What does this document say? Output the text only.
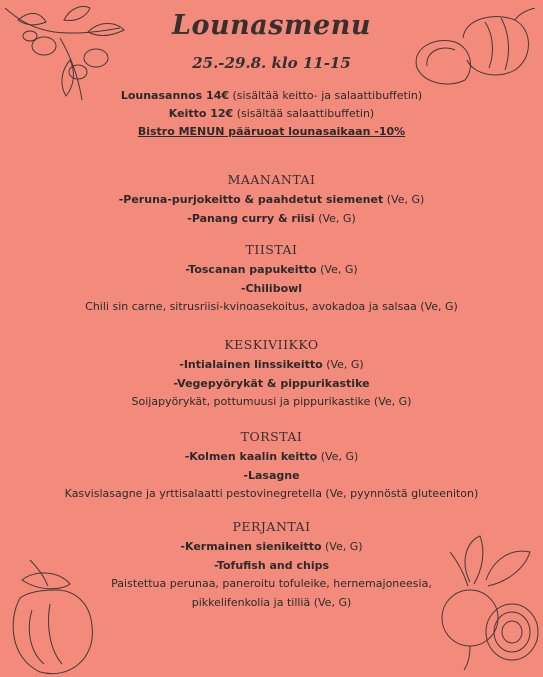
Lounasmenu
25.-29.8. klo 11-15
Lounasannos 14€ (sisältää keitto- ja salaattibuffetin)
Keitto 12€ (sisältää salaattibuffetin)
Bistro MENUN pääruoat lounasaikaan -10%
MAANANTAI
-Peruna-purjokeitto & paahdetut siemenet (Ve, G)
-Panang curry & riisi (Ve, G)
TIISTAI
-Toscanan papukeitto (Ve, G)
-Chilibowl
Chili sin carne, sitrusriisi-kvinoasekoitus, avokadoa ja salsaa (Ve, G)
KESKIVIIKKO
-Intialainen linssikeitto (Ve, G)
-Vegepyörykät & pippurikastike
Soijapyörykät, pottumuusi ja pippurikastike (Ve, G)
TORSTAI
-Kolmen kaalin keitto (Ve, G)
-Lasagne
Kasvislasagne ja yrttisalaatti pestovinegretella (Ve, pyynnöstä gluteeniton)
PERJANTAI
-Kermainen sienikeitto (Ve, G)
-Tofufish and chips
Paistettua perunaa, paneroitu tofuleike, hernemajoneesia,
pikkelifenkolia ja tilliä (Ve, G)
